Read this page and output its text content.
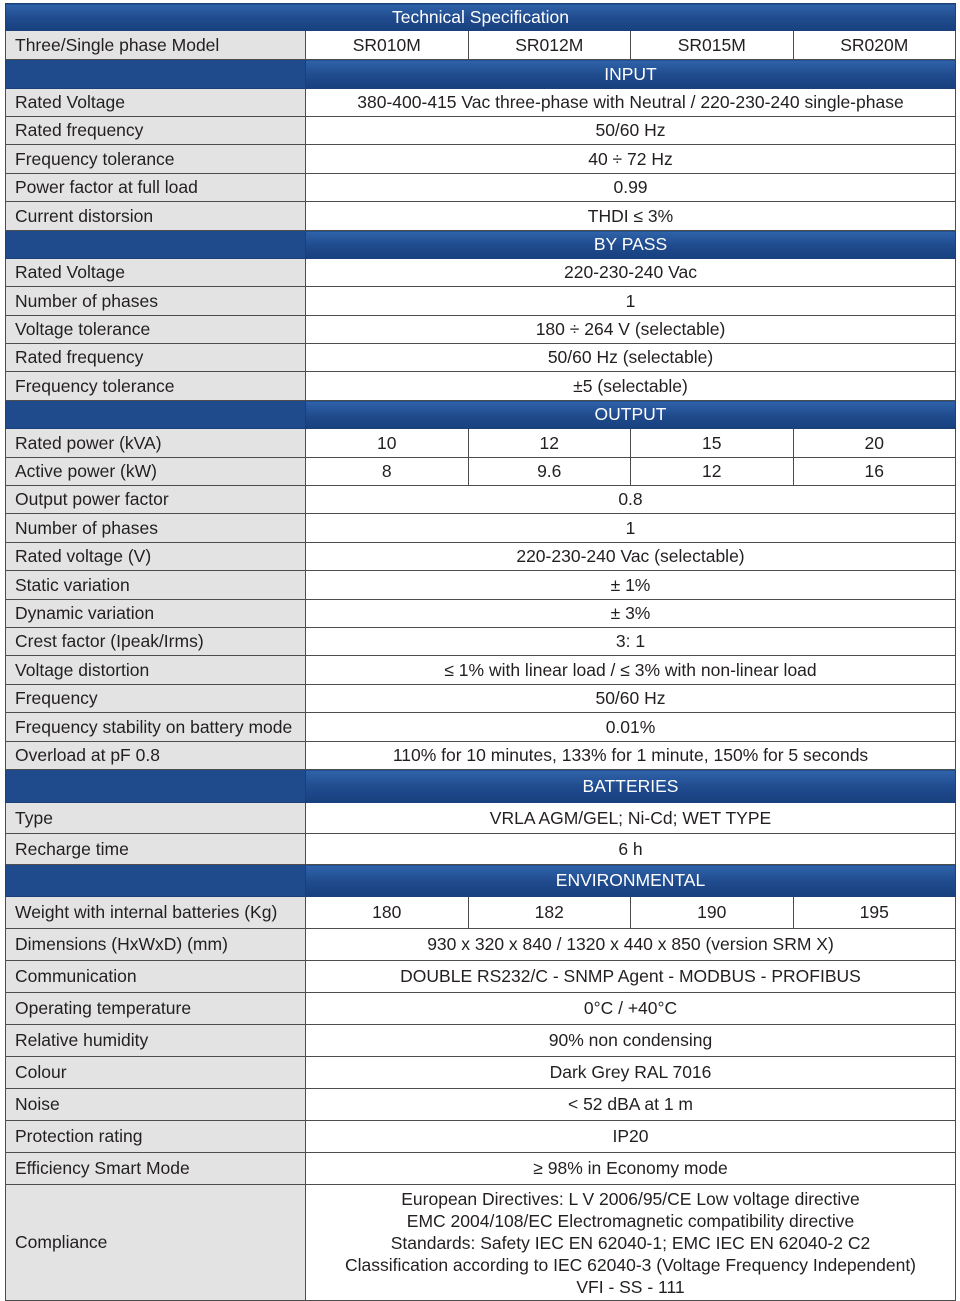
Technical Specification				
Three/Single phase Model	SR010M	SR012M	SR015M	SR020M
	INPUT			
Rated Voltage	380-400-415 Vac three-phase with Neutral / 220-230-240 single-phase			
Rated frequency	50/60 Hz			
Frequency tolerance	40 ÷ 72 Hz			
Power factor at full load	0.99			
Current distorsion	THDI ≤ 3%			
	BY PASS			
Rated Voltage	220-230-240 Vac			
Number of phases	1			
Voltage tolerance	180 ÷ 264 V (selectable)			
Rated frequency	50/60 Hz (selectable)			
Frequency tolerance	±5 (selectable)			
	OUTPUT			
Rated power (kVA)	10	12	15	20
Active power (kW)	8	9.6	12	16
Output power factor	0.8			
Number of phases	1			
Rated voltage (V)	220-230-240 Vac (selectable)			
Static variation	± 1%			
Dynamic variation	± 3%			
Crest factor (Ipeak/Irms)	3: 1			
Voltage distortion	≤ 1% with linear load / ≤ 3% with non-linear load			
Frequency	50/60 Hz			
Frequency stability on battery mode	0.01%			
Overload at pF 0.8	110% for 10 minutes, 133% for 1 minute, 150% for 5 seconds			
	BATTERIES			
Type	VRLA AGM/GEL; Ni-Cd; WET TYPE			
Recharge time	6 h			
	ENVIRONMENTAL			
Weight with internal batteries (Kg)	180	182	190	195
Dimensions (HxWxD) (mm)	930 x 320 x 840 / 1320 x 440 x 850 (version SRM X)			
Communication	DOUBLE RS232/C - SNMP Agent - MODBUS - PROFIBUS			
Operating temperature	0°C / +40°C			
Relative humidity	90% non condensing			
Colour	Dark Grey RAL 7016			
Noise	< 52 dBA at 1 m			
Protection rating	IP20			
Efficiency Smart Mode	≥ 98% in Economy mode			
Compliance	European Directives: L V 2006/95/CE Low voltage directive
EMC 2004/108/EC Electromagnetic compatibility directive
Standards: Safety IEC EN 62040-1; EMC IEC EN 62040-2 C2
Classification according to IEC 62040-3 (Voltage Frequency Independent)
VFI - SS - 111			
